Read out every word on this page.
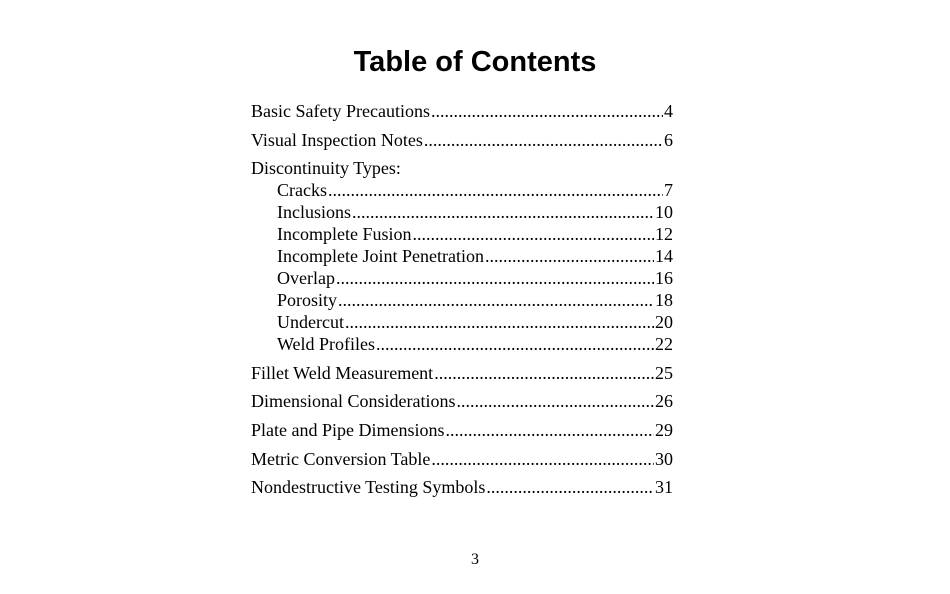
Table of Contents
Basic Safety Precautions .....	4
Visual Inspection Notes .....	6
Discontinuity Types:
Cracks .....	7
Inclusions .....	10
Incomplete Fusion .....	12
Incomplete Joint Penetration .....	14
Overlap .....	16
Porosity .....	18
Undercut .....	20
Weld Profiles .....	22
Fillet Weld Measurement .....	25
Dimensional Considerations .....	26
Plate and Pipe Dimensions .....	29
Metric Conversion Table .....	30
Nondestructive Testing Symbols .....	31
3
